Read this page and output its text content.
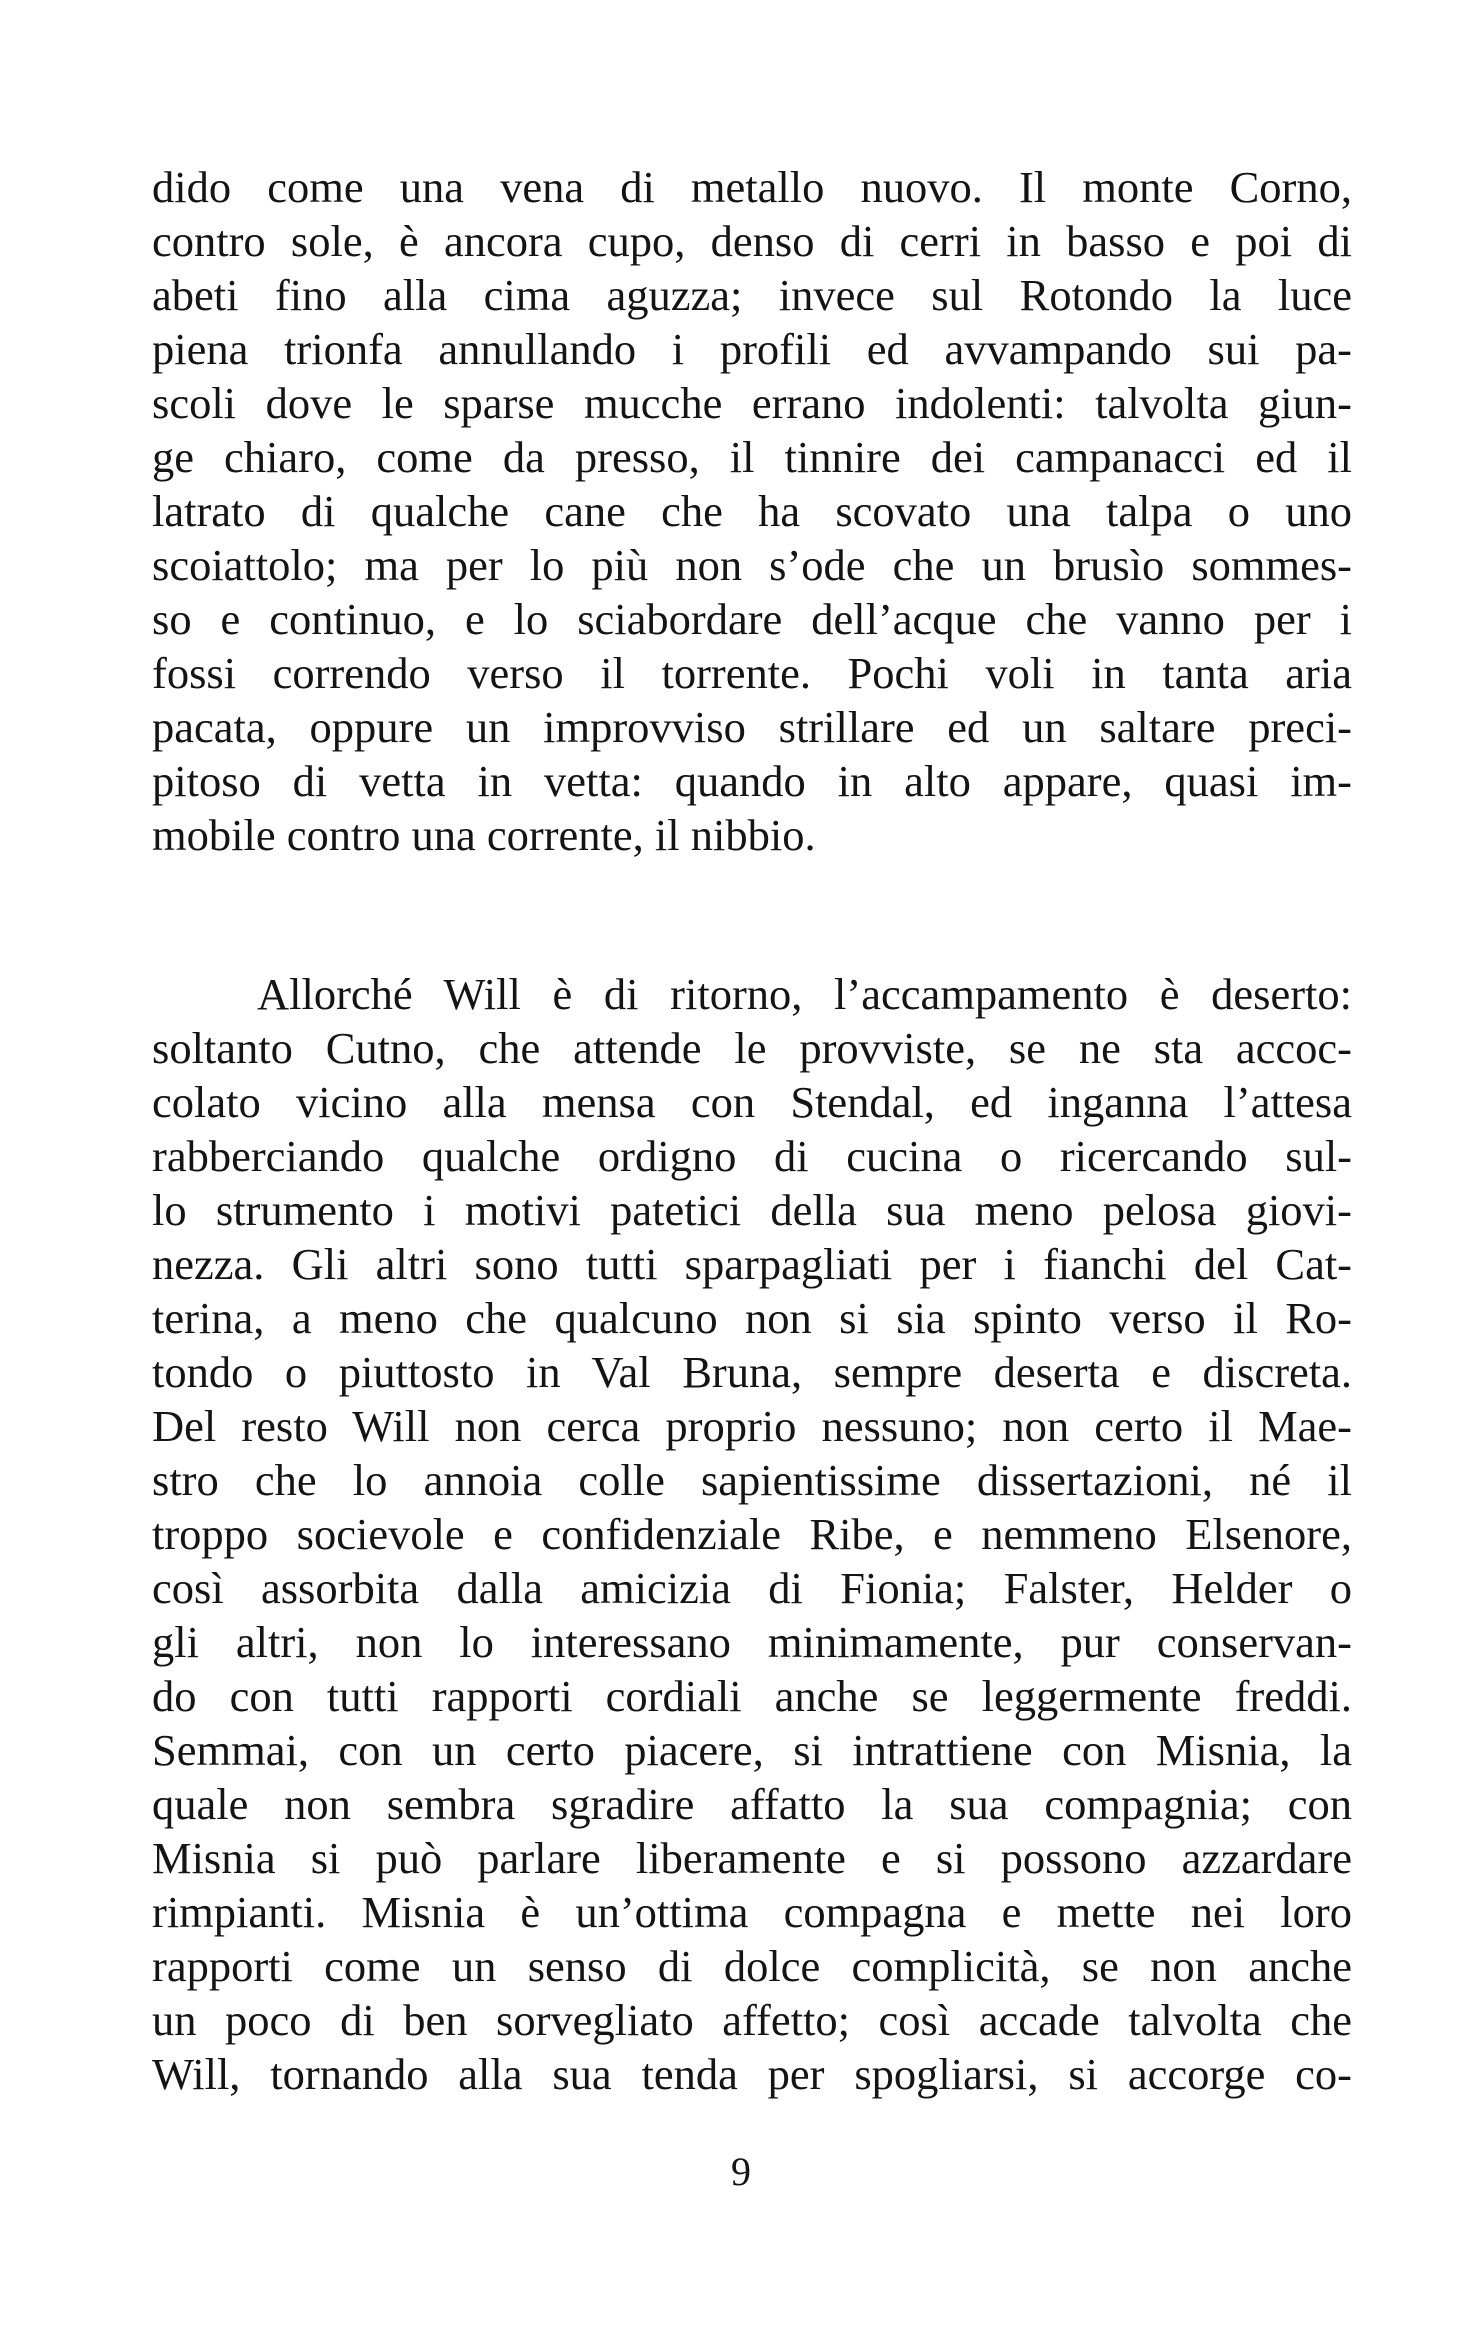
dido come una vena di metallo nuovo. Il monte Corno,
contro sole, è ancora cupo, denso di cerri in basso e poi di
abeti fino alla cima aguzza; invece sul Rotondo la luce
piena trionfa annullando i profili ed avvampando sui pa-
scoli dove le sparse mucche errano indolenti: talvolta giun-
ge chiaro, come da presso, il tinnire dei campanacci ed il
latrato di qualche cane che ha scovato una talpa o uno
scoiattolo; ma per lo più non s’ode che un brusìo sommes-
so e continuo, e lo sciabordare dell’acque che vanno per i
fossi correndo verso il torrente. Pochi voli in tanta aria
pacata, oppure un improvviso strillare ed un saltare preci-
pitoso di vetta in vetta: quando in alto appare, quasi im-
mobile contro una corrente, il nibbio.
Allorché Will è di ritorno, l’accampamento è deserto:
soltanto Cutno, che attende le provviste, se ne sta accoc-
colato vicino alla mensa con Stendal, ed inganna l’attesa
rabberciando qualche ordigno di cucina o ricercando sul-
lo strumento i motivi patetici della sua meno pelosa giovi-
nezza. Gli altri sono tutti sparpagliati per i fianchi del Cat-
terina, a meno che qualcuno non si sia spinto verso il Ro-
tondo o piuttosto in Val Bruna, sempre deserta e discreta.
Del resto Will non cerca proprio nessuno; non certo il Mae-
stro che lo annoia colle sapientissime dissertazioni, né il
troppo socievole e confidenziale Ribe, e nemmeno Elsenore,
così assorbita dalla amicizia di Fionia; Falster, Helder o
gli altri, non lo interessano minimamente, pur conservan-
do con tutti rapporti cordiali anche se leggermente freddi.
Semmai, con un certo piacere, si intrattiene con Misnia, la
quale non sembra sgradire affatto la sua compagnia; con
Misnia si può parlare liberamente e si possono azzardare
rimpianti. Misnia è un’ottima compagna e mette nei loro
rapporti come un senso di dolce complicità, se non anche
un poco di ben sorvegliato affetto; così accade talvolta che
Will, tornando alla sua tenda per spogliarsi, si accorge co-
9
